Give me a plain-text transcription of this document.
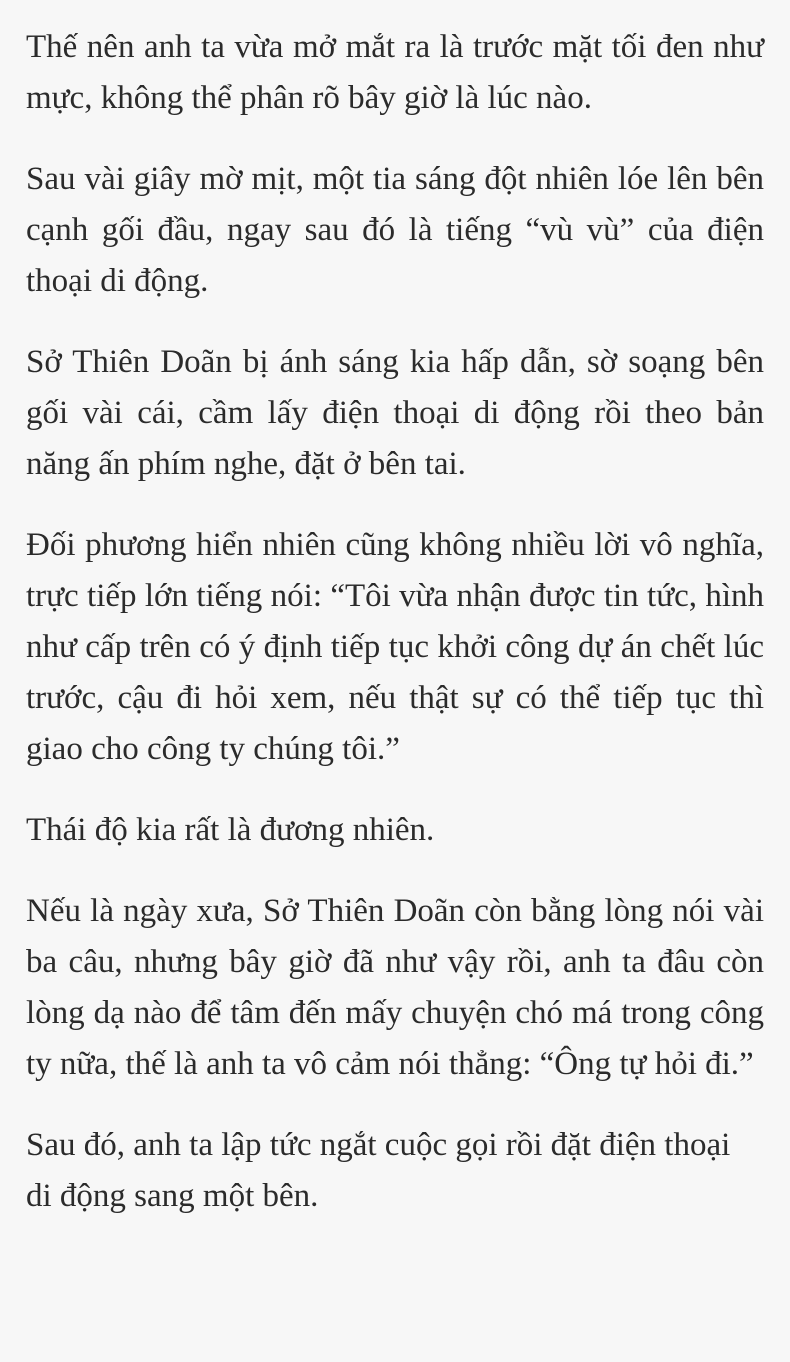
Thế nên anh ta vừa mở mắt ra là trước mặt tối đen như mực, không thể phân rõ bây giờ là lúc nào.

Sau vài giây mờ mịt, một tia sáng đột nhiên lóe lên bên cạnh gối đầu, ngay sau đó là tiếng “vù vù” của điện thoại di động.

Sở Thiên Doãn bị ánh sáng kia hấp dẫn, sờ soạng bên gối vài cái, cầm lấy điện thoại di động rồi theo bản năng ấn phím nghe, đặt ở bên tai.

Đối phương hiển nhiên cũng không nhiều lời vô nghĩa, trực tiếp lớn tiếng nói: “Tôi vừa nhận được tin tức, hình như cấp trên có ý định tiếp tục khởi công dự án chết lúc trước, cậu đi hỏi xem, nếu thật sự có thể tiếp tục thì giao cho công ty chúng tôi.”

Thái độ kia rất là đương nhiên.

Nếu là ngày xưa, Sở Thiên Doãn còn bằng lòng nói vài ba câu, nhưng bây giờ đã như vậy rồi, anh ta đâu còn lòng dạ nào để tâm đến mấy chuyện chó má trong công ty nữa, thế là anh ta vô cảm nói thẳng: “Ông tự hỏi đi.”

Sau đó, anh ta lập tức ngắt cuộc gọi rồi đặt điện thoại di động sang một bên.
